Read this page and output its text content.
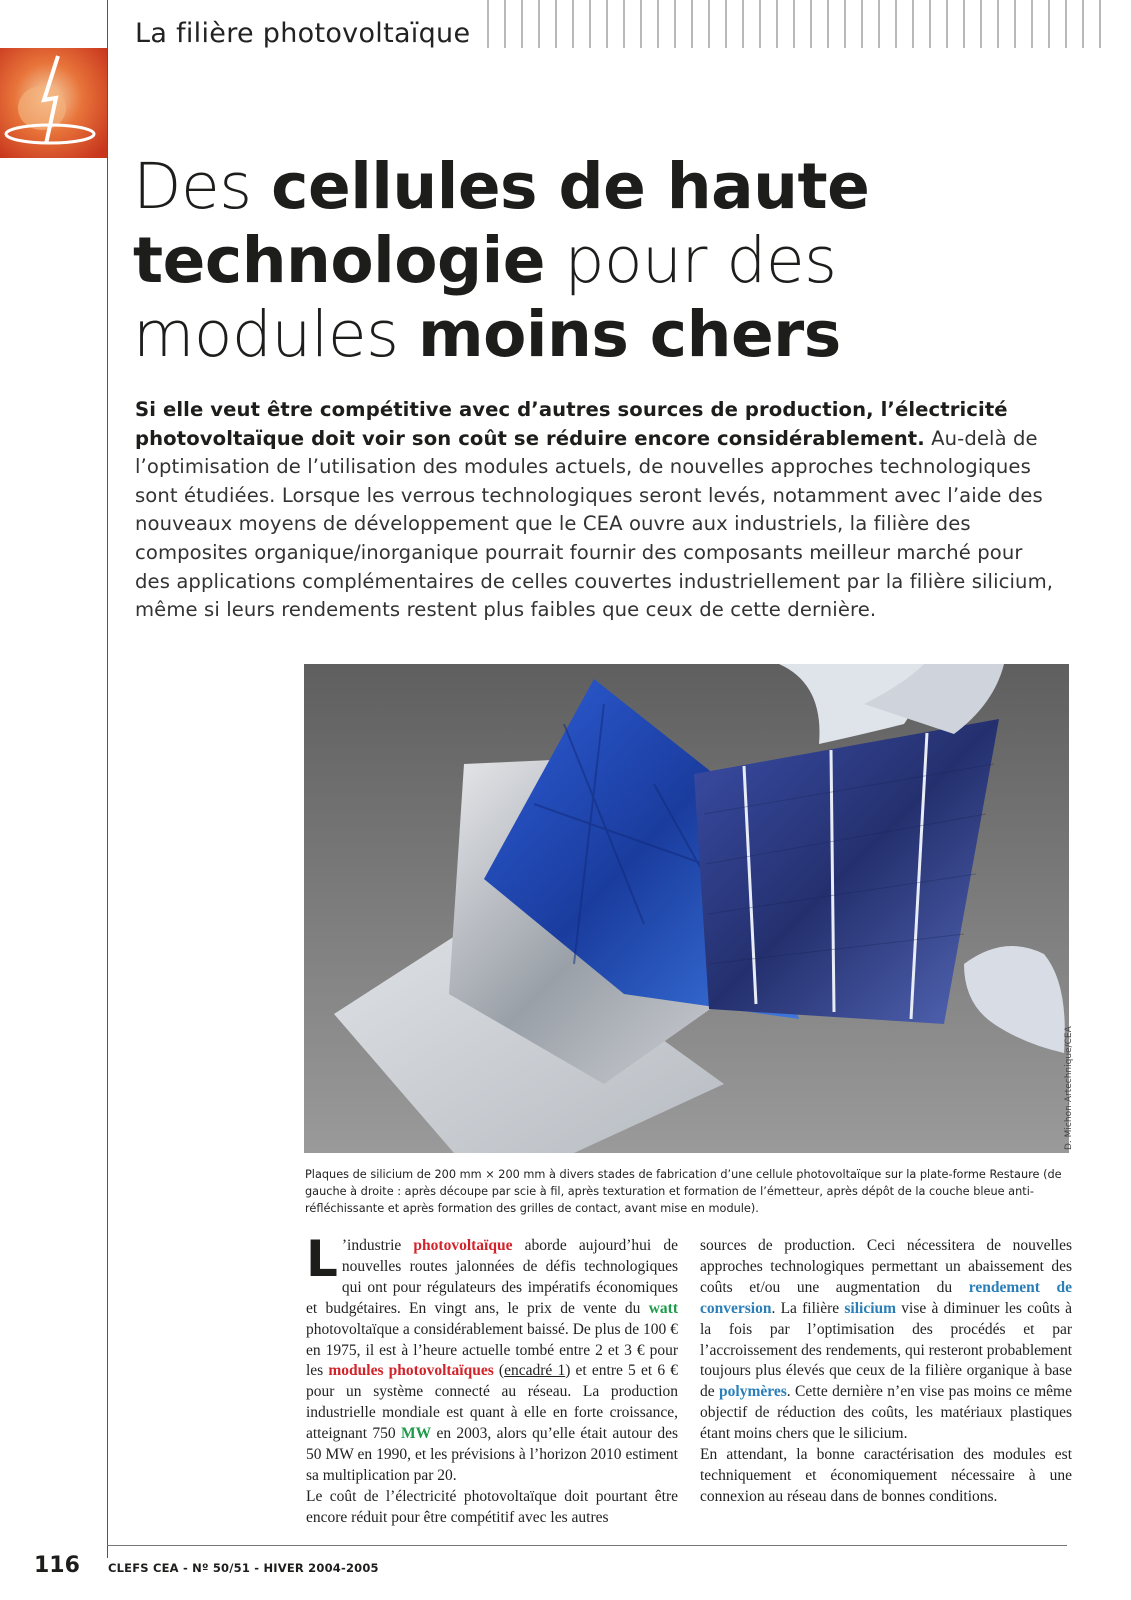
La filière photovoltaïque
Des cellules de haute
technologie pour des
modules moins chers
Si elle veut être compétitive avec d’autres sources de production, l’électricité photovoltaïque doit voir son coût se réduire encore considérablement. Au-delà de l’optimisation de l’utilisation des modules actuels, de nouvelles approches technologiques sont étudiées. Lorsque les verrous technologiques seront levés, notamment avec l’aide des nouveaux moyens de développement que le CEA ouvre aux industriels, la filière des composites organique/inorganique pourrait fournir des composants meilleur marché pour des applications complémentaires de celles couvertes industriellement par la filière silicium, même si leurs rendements restent plus faibles que ceux de cette dernière.
D. Michon-Artechnique/CEA
Plaques de silicium de 200 mm × 200 mm à divers stades de fabrication d’une cellule photovoltaïque sur la plate-forme Restaure (de gauche à droite : après découpe par scie à fil, après texturation et formation de l’émetteur, après dépôt de la couche bleue anti-réfléchissante et après formation des grilles de contact, avant mise en module).

L ’industrie photovoltaïque aborde aujourd’hui de nouvelles routes jalonnées de défis technologiques qui ont pour régulateurs des impératifs économiques et budgétaires. En vingt ans, le prix de vente du watt photovoltaïque a considérablement baissé. De plus de 100 € en 1975, il est à l’heure actuelle tombé entre 2 et 3 € pour les modules photovoltaïques (encadré 1) et entre 5 et 6 € pour un système connecté au réseau. La production industrielle mondiale est quant à elle en forte croissance, atteignant 750 MW en 2003, alors qu’elle était autour des 50 MW en 1990, et les prévisions à l’horizon 2010 estiment sa multiplication par 20.

Le coût de l’électricité photovoltaïque doit pourtant être encore réduit pour être compétitif avec les autres

sources de production. Ceci nécessitera de nouvelles approches technologiques permettant un abaissement des coûts et/ou une augmentation du rendement de conversion. La filière silicium vise à diminuer les coûts à la fois par l’optimisation des procédés et par l’accroissement des rendements, qui resteront probablement toujours plus élevés que ceux de la filière organique à base de polymères. Cette dernière n’en vise pas moins ce même objectif de réduction des coûts, les matériaux plastiques étant moins chers que le silicium.

En attendant, la bonne caractérisation des modules est techniquement et économiquement nécessaire à une connexion au réseau dans de bonnes conditions.

116 CLEFS CEA - Nº 50/51 - HIVER 2004-2005
